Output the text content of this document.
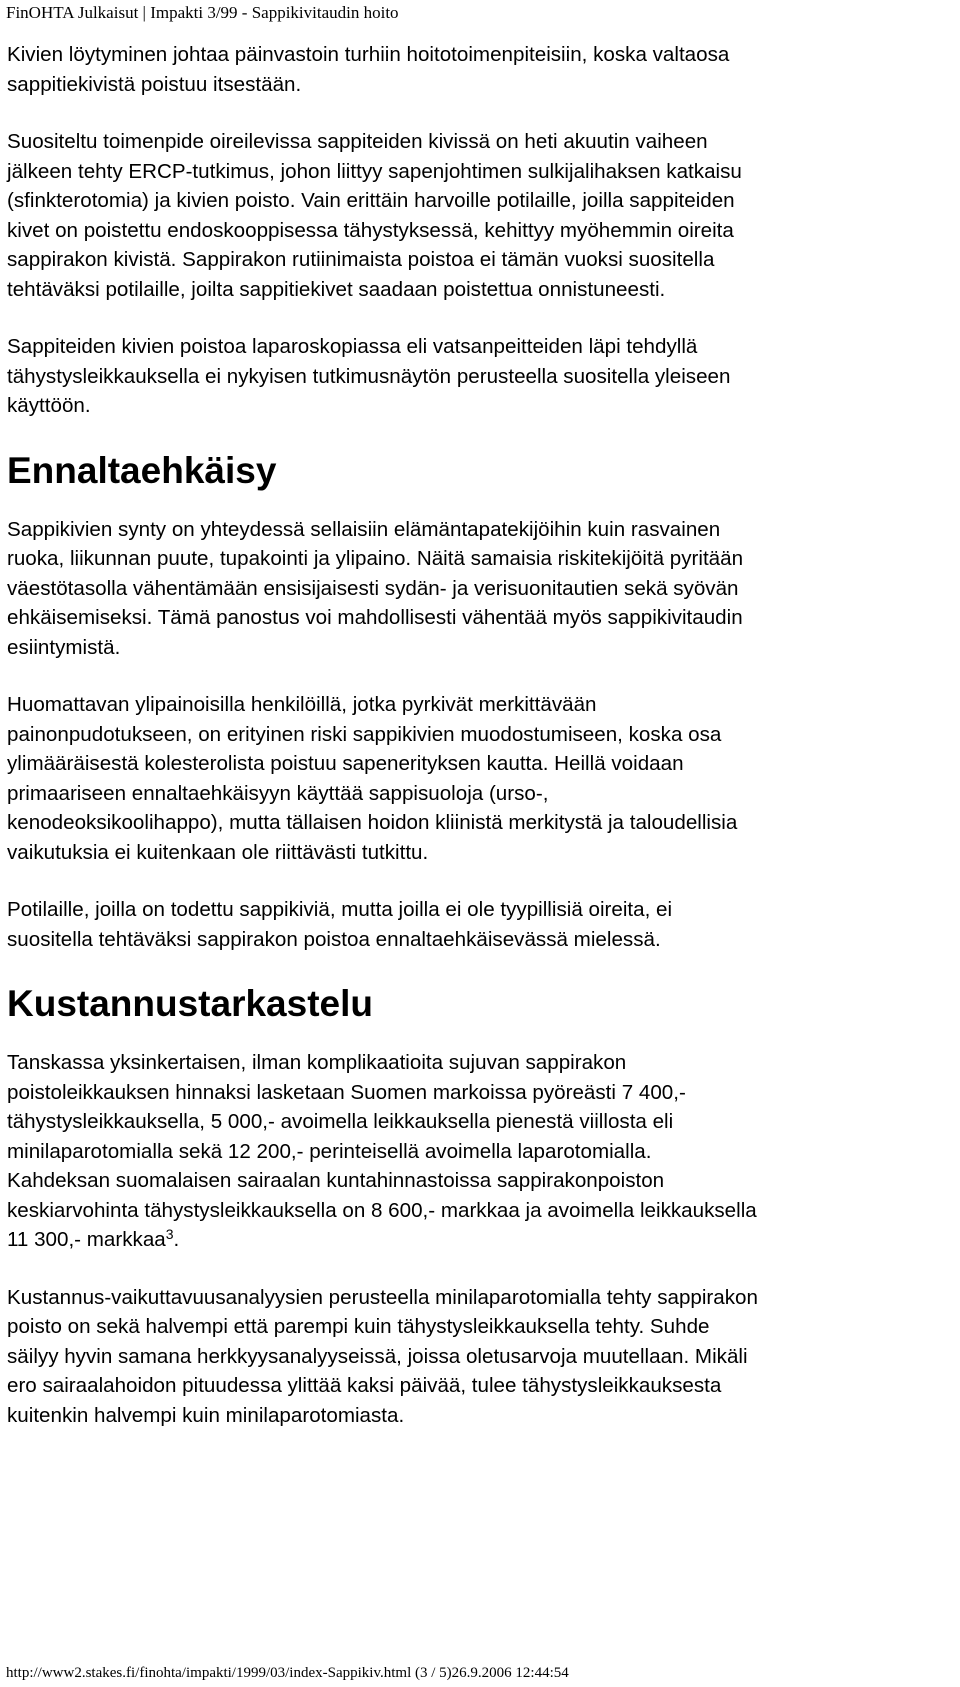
FinOHTA Julkaisut | Impakti 3/99 - Sappikivitaudin hoito

Kivien löytyminen johtaa päinvastoin turhiin hoitotoimenpiteisiin, koska valtaosa
sappitiekivistä poistuu itsestään.

Suositeltu toimenpide oireilevissa sappiteiden kivissä on heti akuutin vaiheen
jälkeen tehty ERCP-tutkimus, johon liittyy sapenjohtimen sulkijalihaksen katkaisu
(sfinkterotomia) ja kivien poisto. Vain erittäin harvoille potilaille, joilla sappiteiden
kivet on poistettu endoskooppisessa tähystyksessä, kehittyy myöhemmin oireita
sappirakon kivistä. Sappirakon rutiinimaista poistoa ei tämän vuoksi suositella
tehtäväksi potilaille, joilta sappitiekivet saadaan poistettua onnistuneesti.

Sappiteiden kivien poistoa laparoskopiassa eli vatsanpeitteiden läpi tehdyllä
tähystysleikkauksella ei nykyisen tutkimusnäytön perusteella suositella yleiseen
käyttöön.

Ennaltaehkäisy

Sappikivien synty on yhteydessä sellaisiin elämäntapatekijöihin kuin rasvainen
ruoka, liikunnan puute, tupakointi ja ylipaino. Näitä samaisia riskitekijöitä pyritään
väestötasolla vähentämään ensisijaisesti sydän- ja verisuonitautien sekä syövän
ehkäisemiseksi. Tämä panostus voi mahdollisesti vähentää myös sappikivitaudin
esiintymistä.

Huomattavan ylipainoisilla henkilöillä, jotka pyrkivät merkittävään
painonpudotukseen, on erityinen riski sappikivien muodostumiseen, koska osa
ylimääräisestä kolesterolista poistuu sapenerityksen kautta. Heillä voidaan
primaariseen ennaltaehkäisyyn käyttää sappisuoloja (urso-,
kenodeoksikoolihappo), mutta tällaisen hoidon kliinistä merkitystä ja taloudellisia
vaikutuksia ei kuitenkaan ole riittävästi tutkittu.

Potilaille, joilla on todettu sappikiviä, mutta joilla ei ole tyypillisiä oireita, ei
suositella tehtäväksi sappirakon poistoa ennaltaehkäisevässä mielessä.

Kustannustarkastelu

Tanskassa yksinkertaisen, ilman komplikaatioita sujuvan sappirakon
poistoleikkauksen hinnaksi lasketaan Suomen markoissa pyöreästi 7 400,-
tähystysleikkauksella, 5 000,- avoimella leikkauksella pienestä viillosta eli
minilaparotomialla sekä 12 200,- perinteisellä avoimella laparotomialla.
Kahdeksan suomalaisen sairaalan kuntahinnastoissa sappirakonpoiston
keskiarvohinta tähystysleikkauksella on 8 600,- markkaa ja avoimella leikkauksella
11 300,- markkaa$^3$.

Kustannus-vaikuttavuusanalyysien perusteella minilaparotomialla tehty sappirakon
poisto on sekä halvempi että parempi kuin tähystysleikkauksella tehty. Suhde
säilyy hyvin samana herkkyysanalyyseissä, joissa oletusarvoja muutellaan. Mikäli
ero sairaalahoidon pituudessa ylittää kaksi päivää, tulee tähystysleikkauksesta
kuitenkin halvempi kuin minilaparotomiasta.

http://www2.stakes.fi/finohta/impakti/1999/03/index-Sappikiv.html (3 / 5)26.9.2006 12:44:54
